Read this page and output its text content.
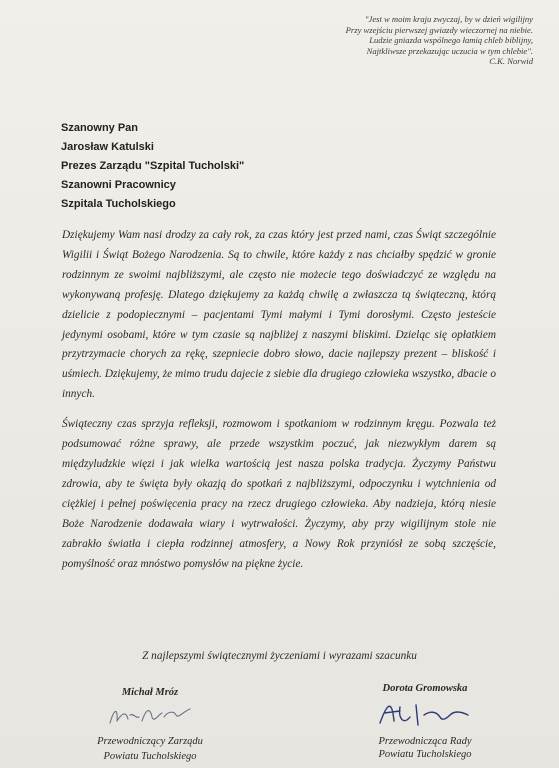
"Jest w moim kraju zwyczaj, by w dzień wigilijny
Przy wzejściu pierwszej gwiazdy wieczornej na niebie.
Ludzie gniazda wspólnego łamią chleb biblijny,
Najtkliwsze przekazując uczucia w tym chlebie".
C.K. Norwid
Szanowny Pan
Jarosław Katulski
Prezes Zarządu "Szpital Tucholski"
Szanowni Pracownicy
Szpitala Tucholskiego

Dziękujemy Wam nasi drodzy za cały rok, za czas który jest przed nami, czas Świąt szczególnie Wigilii i Świąt Bożego Narodzenia. Są to chwile, które każdy z nas chciałby spędzić w gronie rodzinnym ze swoimi najbliższymi, ale często nie możecie tego doświadczyć ze względu na wykonywaną profesję. Dlatego dziękujemy za każdą chwilę a zwłaszcza tą świąteczną, którą dzielicie z podopiecznymi – pacjentami Tymi małymi i Tymi dorosłymi. Często jesteście jedynymi osobami, które w tym czasie są najbliżej z naszymi bliskimi. Dzieląc się opłatkiem przytrzymacie chorych za rękę, szepniecie dobro słowo, dacie najlepszy prezent – bliskość i uśmiech. Dziękujemy, że mimo trudu dajecie z siebie dla drugiego człowieka wszystko, dbacie o innych.

Świąteczny czas sprzyja refleksji, rozmowom i spotkaniom w rodzinnym kręgu. Pozwala też podsumować różne sprawy, ale przede wszystkim poczuć, jak niezwykłym darem są międzyludzkie więzi i jak wielka wartością jest nasza polska tradycja. Życzymy Państwu zdrowia, aby te święta były okazją do spotkań z najbliższymi, odpoczynku i wytchnienia od ciężkiej i pełnej poświęcenia pracy na rzecz drugiego człowieka. Aby nadzieja, którą niesie Boże Narodzenie dodawała wiary i wytrwałości. Życzymy, aby przy wigilijnym stole nie zabrakło światła i ciepła rodzinnej atmosfery, a Nowy Rok przyniósł ze sobą szczęście, pomyślność oraz mnóstwo pomysłów na piękne życie.

Z najlepszymi świątecznymi życzeniami i wyrazami szacunku
Michał Mróz
Przewodniczący Zarządu
Powiatu Tucholskiego
Dorota Gromowska
Przewodnicząca Rady
Powiatu Tucholskiego
